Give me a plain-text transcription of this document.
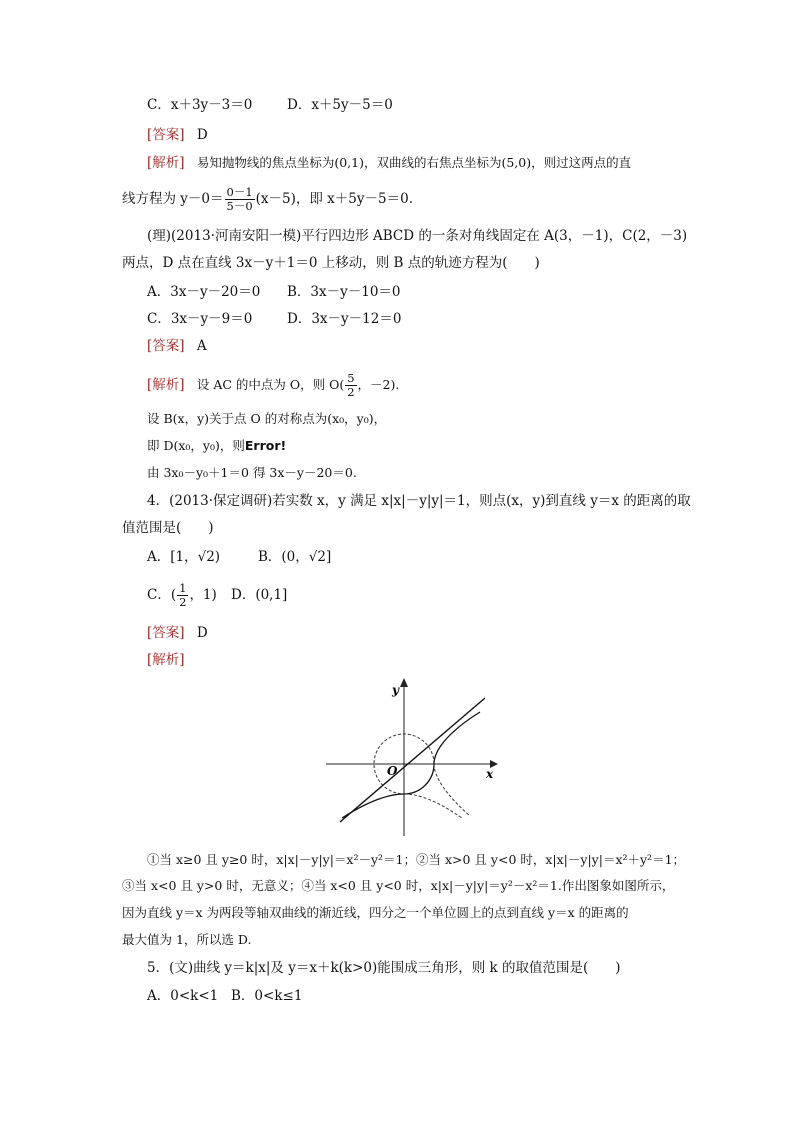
C．x＋3y－3＝0	D．x＋5y－5＝0
[答案] D
[解析] 易知抛物线的焦点坐标为(0,1)，双曲线的右焦点坐标为(5,0)，则过这两点的直
线方程为 $y-0= \frac{0-1}{5-0} (x-5)$，即 x＋5y－5＝0.
(理)(2013·河南安阳一模)平行四边形 ABCD 的一条对角线固定在 A(3，－1)，C(2，－3)
两点，D 点在直线 3x－y＋1＝0 上移动，则 B 点的轨迹方程为(　　)
A．3x－y－20＝0 B．3x－y－10＝0
C．3x－y－9＝0	D．3x－y－12＝0
[答案] A
[解析] 设 AC 的中点为 O，则 $O( \frac{5}{2}$ ，－2).
设 B(x，y)关于点 O 的对称点为(x₀，y₀)，
即 D(x₀，y₀)，则Error!
由 3x₀－y₀＋1＝0 得 3x－y－20＝0.
4．(2013·保定调研)若实数 x，y 满足 x|x|－y|y|＝1，则点(x，y)到直线 y＝x 的距离的取
值范围是(　　)
A．[1，√2)	B．(0，√2]
C．( $\frac{1}{2}$ ，1) D．(0,1]
[答案] D
[解析]
y
x
O
①当 x≥0 且 y≥0 时，x|x|－y|y|＝x²－y²＝1；②当 x>0 且 y<0 时，x|x|－y|y|＝x²＋y²＝1；
③当 x<0 且 y>0 时，无意义；④当 x<0 且 y<0 时，x|x|－y|y|＝y²－x²＝1.作出图象如图所示，
因为直线 y＝x 为两段等轴双曲线的渐近线，四分之一个单位圆上的点到直线 y＝x 的距离的
最大值为 1，所以选 D.
5．(文)曲线 y＝k|x|及 y＝x＋k(k>0)能围成三角形，则 k 的取值范围是(　　)
A．0<k<1 B．0<k≤1
